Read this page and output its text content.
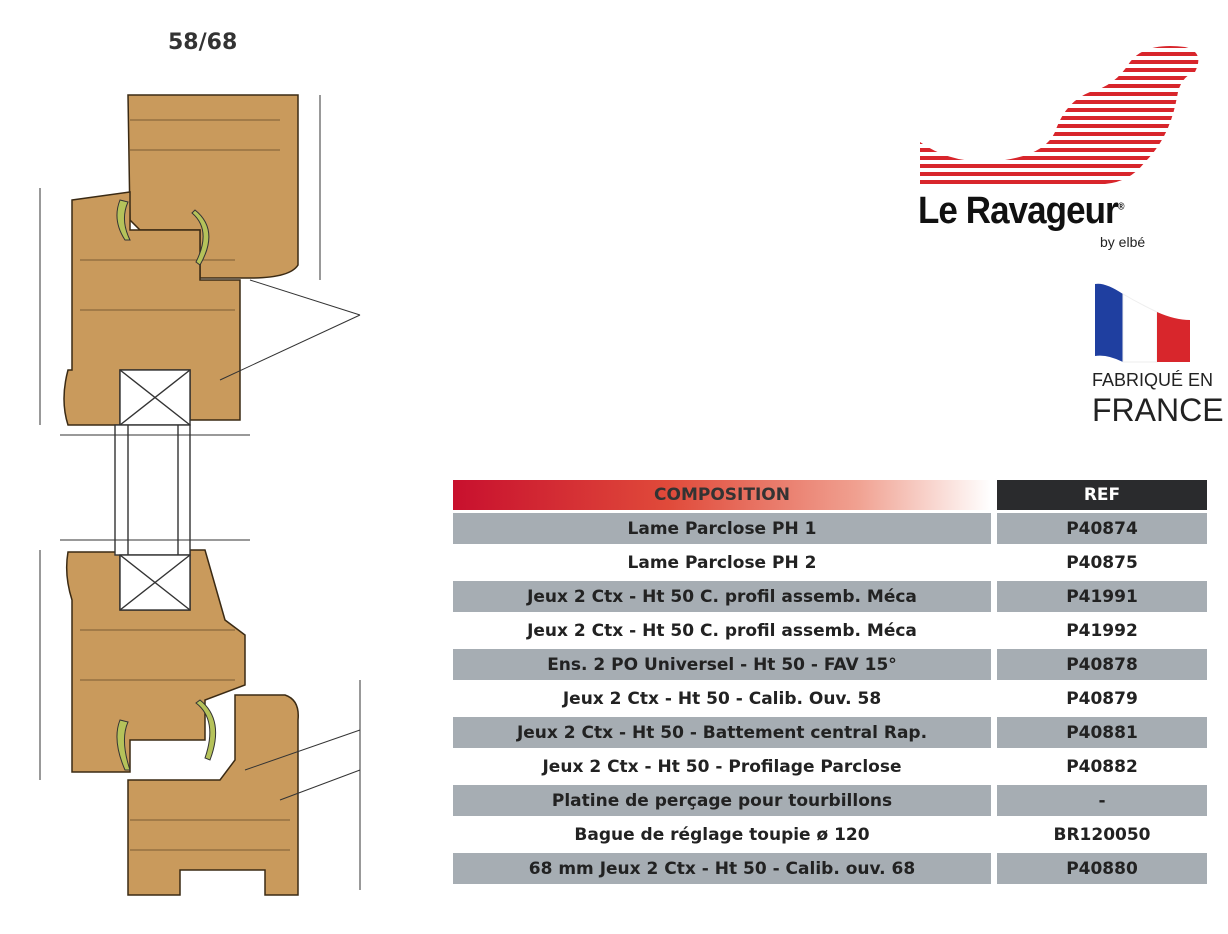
58/68
Le Ravageur®
by elbé
FABRIQUÉ EN
FRANCE
COMPOSITION	REF
Lame Parclose PH 1	P40874
Lame Parclose PH 2	P40875
Jeux 2 Ctx - Ht 50 C. profil assemb. Méca	P41991
Jeux 2 Ctx - Ht 50 C. profil assemb. Méca	P41992
Ens. 2 PO Universel - Ht 50 - FAV 15°	P40878
Jeux 2 Ctx - Ht 50 - Calib. Ouv. 58	P40879
Jeux 2 Ctx - Ht 50 - Battement central Rap.	P40881
Jeux 2 Ctx - Ht 50 - Profilage Parclose	P40882
Platine de perçage pour tourbillons	-
Bague de réglage toupie ø 120	BR120050
68 mm Jeux 2 Ctx - Ht 50 - Calib. ouv. 68	P40880
